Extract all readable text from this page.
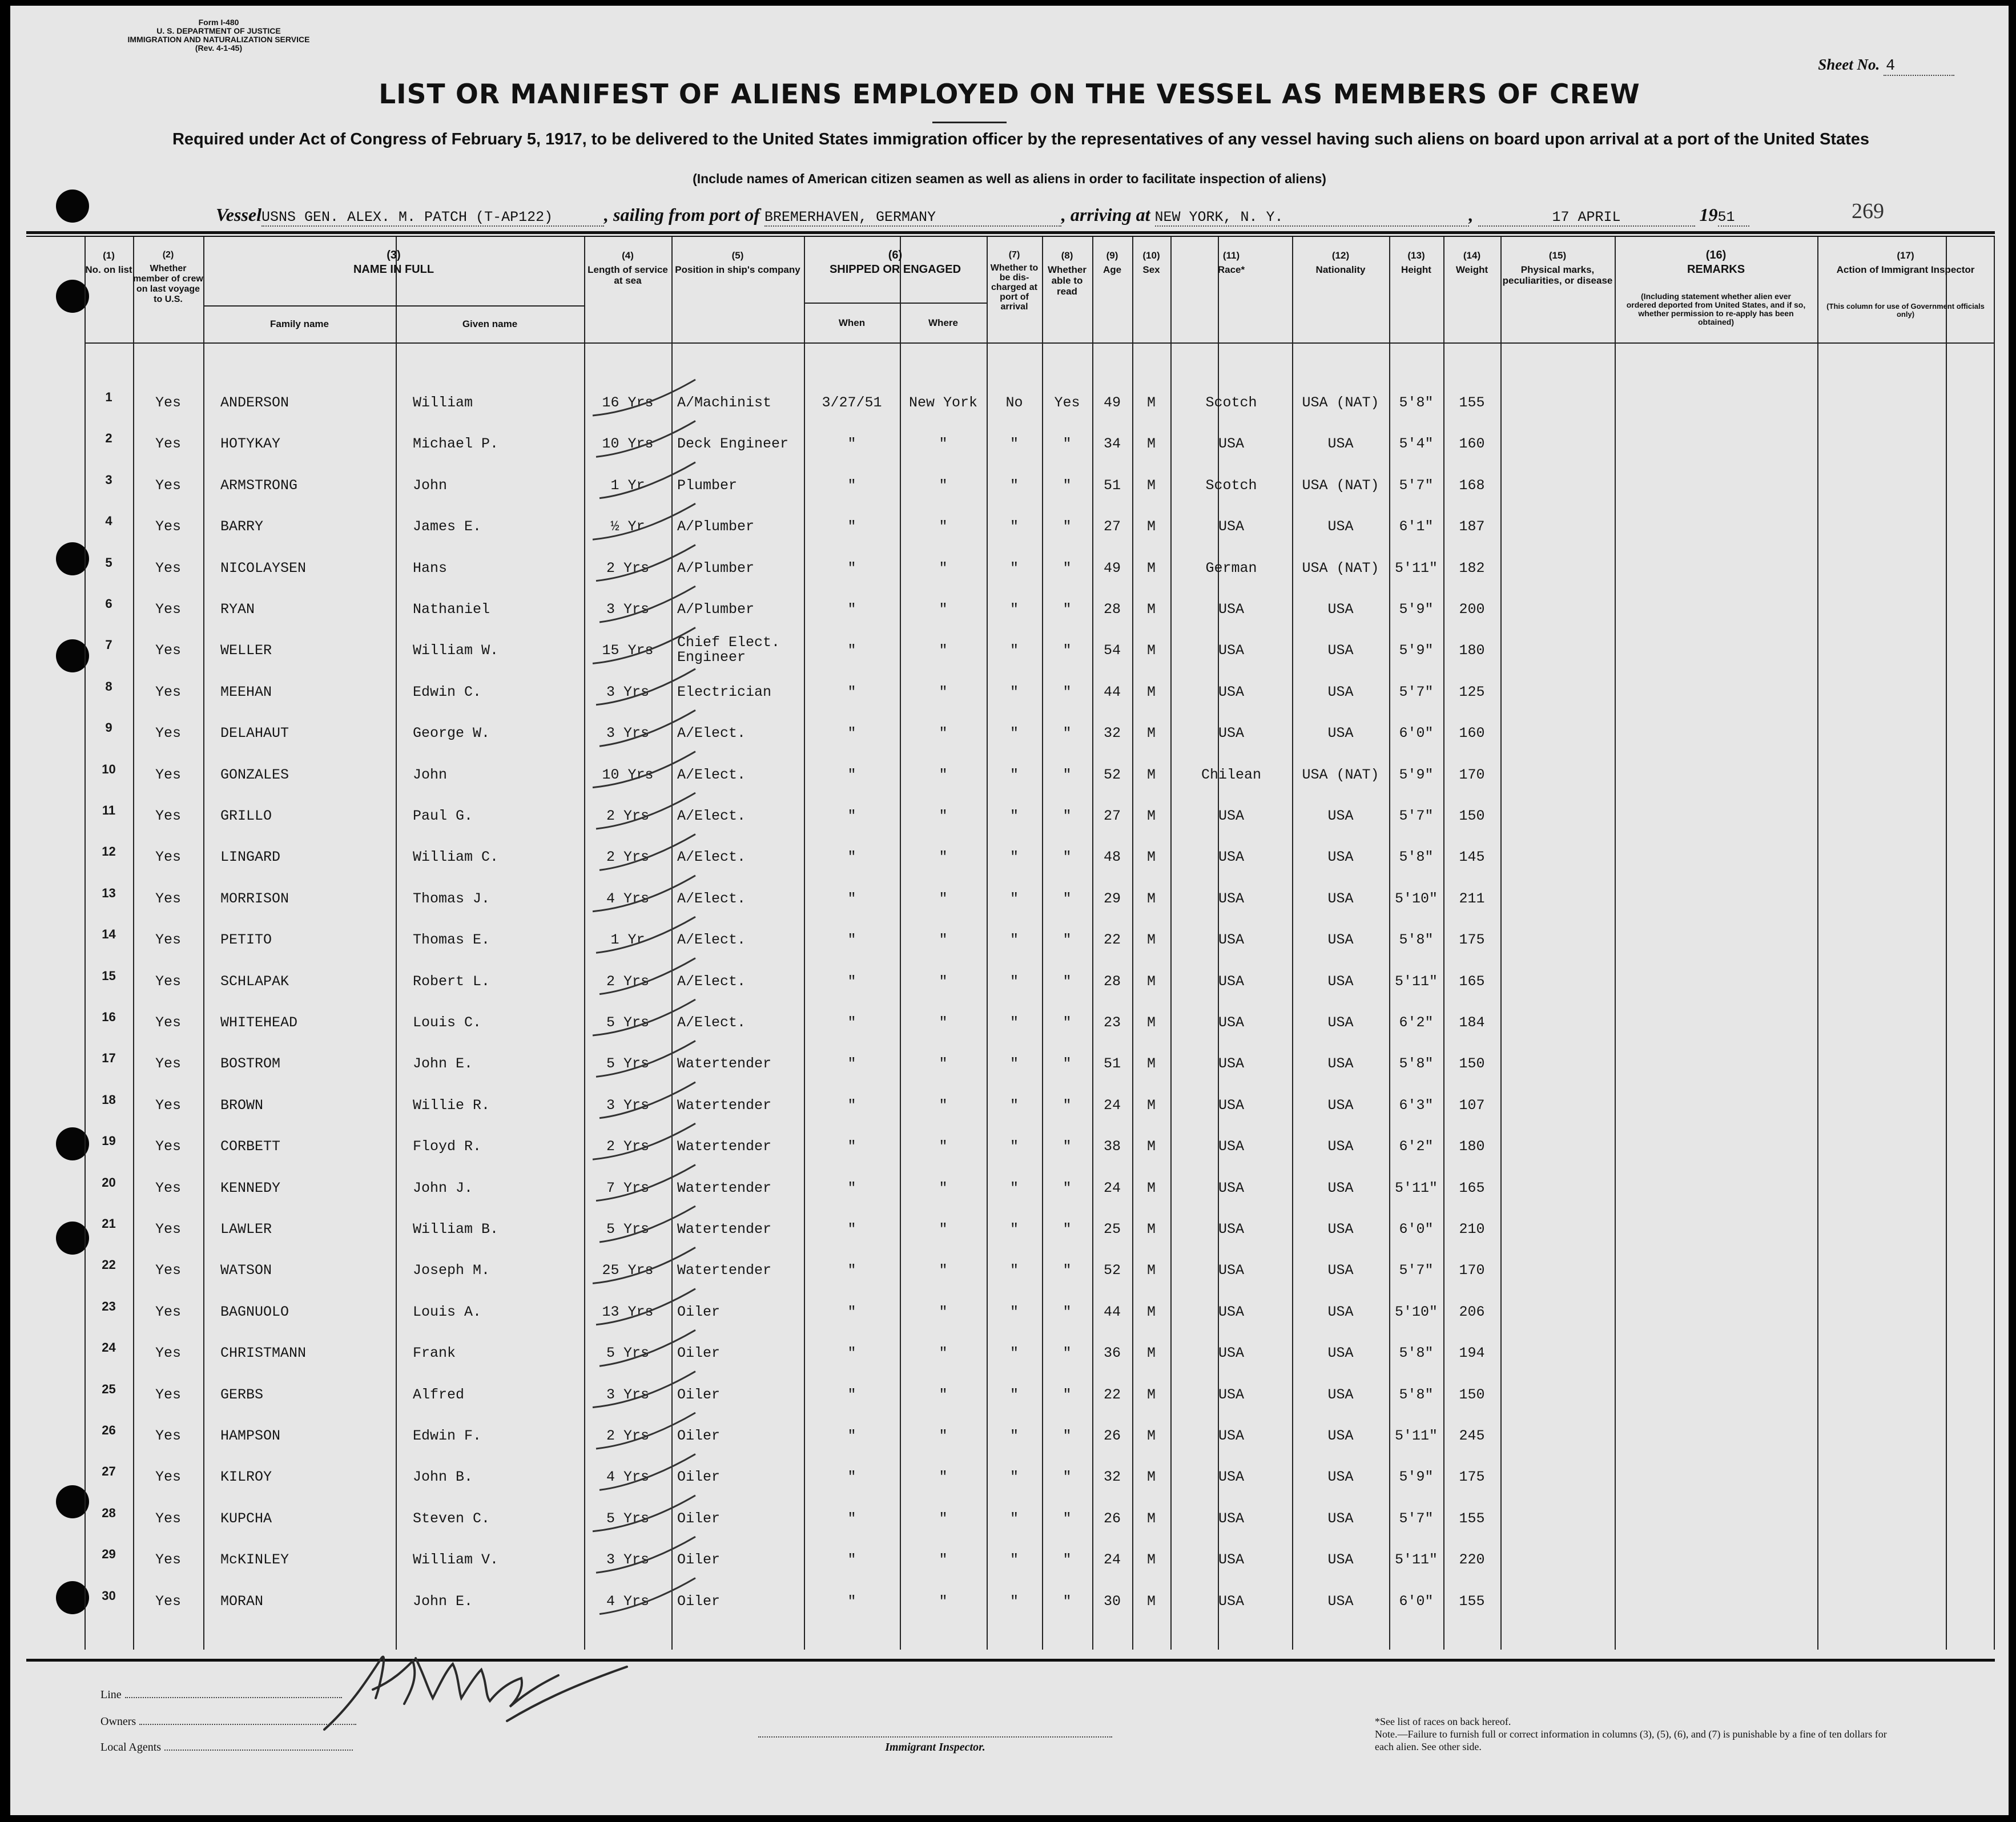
Form I-480
U. S. DEPARTMENT OF JUSTICE
IMMIGRATION AND NATURALIZATION SERVICE
(Rev. 4-1-45)
Sheet No. 4
LIST OR MANIFEST OF ALIENS EMPLOYED ON THE VESSEL AS MEMBERS OF CREW
Required under Act of Congress of February 5, 1917, to be delivered to the United States immigration officer by the representatives of any vessel having such aliens on board upon arrival at a port of the United States
(Include names of American citizen seamen as well as aliens in order to facilitate inspection of aliens)
VesselUSNS GEN. ALEX. M. PATCH (T-AP122)	, sailing from port of BREMERHAVEN, GERMANY	, arriving at NEW YORK, N. Y.	,	17 APRIL	1951	269
Line
Owners
Local Agents	Immigrant Inspector.
*See list of races on back hereof.
Note.—Failure to furnish full or correct information in columns (3), (5), (6), and (7) is punishable by a fine of ten dollars for each alien. See other side.
(1)
No. on list
(2)
Whether member of crew on last voyage to U.S.
(3)
NAME IN FULL
Family name	Given name
(4)
Length of service at sea
(5)
Position in ship's company
(6)
SHIPPED OR ENGAGED
When	Where
(7)
Whether to be dis-charged at port of arrival
(8)
Whether able to read
(9)
Age
(10)
Sex
(11)
Race*
(12)
Nationality
(13)
Height
(14)
Weight
(15)
Physical marks, peculiarities, or disease
(16)
REMARKS
(Including statement whether alien ever ordered deported from United States, and if so, whether permission to re-apply has been obtained)
(17)
Action of Immigrant Inspector
(This column for use of Government officials only)
1	Yes	ANDERSON	William	16 Yrs	A/Machinist	3/27/51	New York	No	Yes	49	M	Scotch	USA (NAT)	5'8"	155
2	Yes	HOTYKAY	Michael P.	10 Yrs	Deck Engineer	"	"	"	"	34	M	USA	USA	5'4"	160
3	Yes	ARMSTRONG	John	1 Yr	Plumber	"	"	"	"	51	M	Scotch	USA (NAT)	5'7"	168
4	Yes	BARRY	James E.	½ Yr	A/Plumber	"	"	"	"	27	M	USA	USA	6'1"	187
5	Yes	NICOLAYSEN	Hans	2 Yrs	A/Plumber	"	"	"	"	49	M	German	USA (NAT)	5'11"	182
6	Yes	RYAN	Nathaniel	3 Yrs	A/Plumber	"	"	"	"	28	M	USA	USA	5'9"	200
7	Yes	WELLER	William W.	15 Yrs	Chief Elect.
Engineer	"	"	"	"	54	M	USA	USA	5'9"	180
8	Yes	MEEHAN	Edwin C.	3 Yrs	Electrician	"	"	"	"	44	M	USA	USA	5'7"	125
9	Yes	DELAHAUT	George W.	3 Yrs	A/Elect.	"	"	"	"	32	M	USA	USA	6'0"	160
10	Yes	GONZALES	John	10 Yrs	A/Elect.	"	"	"	"	52	M	Chilean	USA (NAT)	5'9"	170
11	Yes	GRILLO	Paul G.	2 Yrs	A/Elect.	"	"	"	"	27	M	USA	USA	5'7"	150
12	Yes	LINGARD	William C.	2 Yrs	A/Elect.	"	"	"	"	48	M	USA	USA	5'8"	145
13	Yes	MORRISON	Thomas J.	4 Yrs	A/Elect.	"	"	"	"	29	M	USA	USA	5'10"	211
14	Yes	PETITO	Thomas E.	1 Yr	A/Elect.	"	"	"	"	22	M	USA	USA	5'8"	175
15	Yes	SCHLAPAK	Robert L.	2 Yrs	A/Elect.	"	"	"	"	28	M	USA	USA	5'11"	165
16	Yes	WHITEHEAD	Louis C.	5 Yrs	A/Elect.	"	"	"	"	23	M	USA	USA	6'2"	184
17	Yes	BOSTROM	John E.	5 Yrs	Watertender	"	"	"	"	51	M	USA	USA	5'8"	150
18	Yes	BROWN	Willie R.	3 Yrs	Watertender	"	"	"	"	24	M	USA	USA	6'3"	107
19	Yes	CORBETT	Floyd R.	2 Yrs	Watertender	"	"	"	"	38	M	USA	USA	6'2"	180
20	Yes	KENNEDY	John J.	7 Yrs	Watertender	"	"	"	"	24	M	USA	USA	5'11"	165
21	Yes	LAWLER	William B.	5 Yrs	Watertender	"	"	"	"	25	M	USA	USA	6'0"	210
22	Yes	WATSON	Joseph M.	25 Yrs	Watertender	"	"	"	"	52	M	USA	USA	5'7"	170
23	Yes	BAGNUOLO	Louis A.	13 Yrs	Oiler	"	"	"	"	44	M	USA	USA	5'10"	206
24	Yes	CHRISTMANN	Frank	5 Yrs	Oiler	"	"	"	"	36	M	USA	USA	5'8"	194
25	Yes	GERBS	Alfred	3 Yrs	Oiler	"	"	"	"	22	M	USA	USA	5'8"	150
26	Yes	HAMPSON	Edwin F.	2 Yrs	Oiler	"	"	"	"	26	M	USA	USA	5'11"	245
27	Yes	KILROY	John B.	4 Yrs	Oiler	"	"	"	"	32	M	USA	USA	5'9"	175
28	Yes	KUPCHA	Steven C.	5 Yrs	Oiler	"	"	"	"	26	M	USA	USA	5'7"	155
29	Yes	McKINLEY	William V.	3 Yrs	Oiler	"	"	"	"	24	M	USA	USA	5'11"	220
30	Yes	MORAN	John E.	4 Yrs	Oiler	"	"	"	"	30	M	USA	USA	6'0"	155
